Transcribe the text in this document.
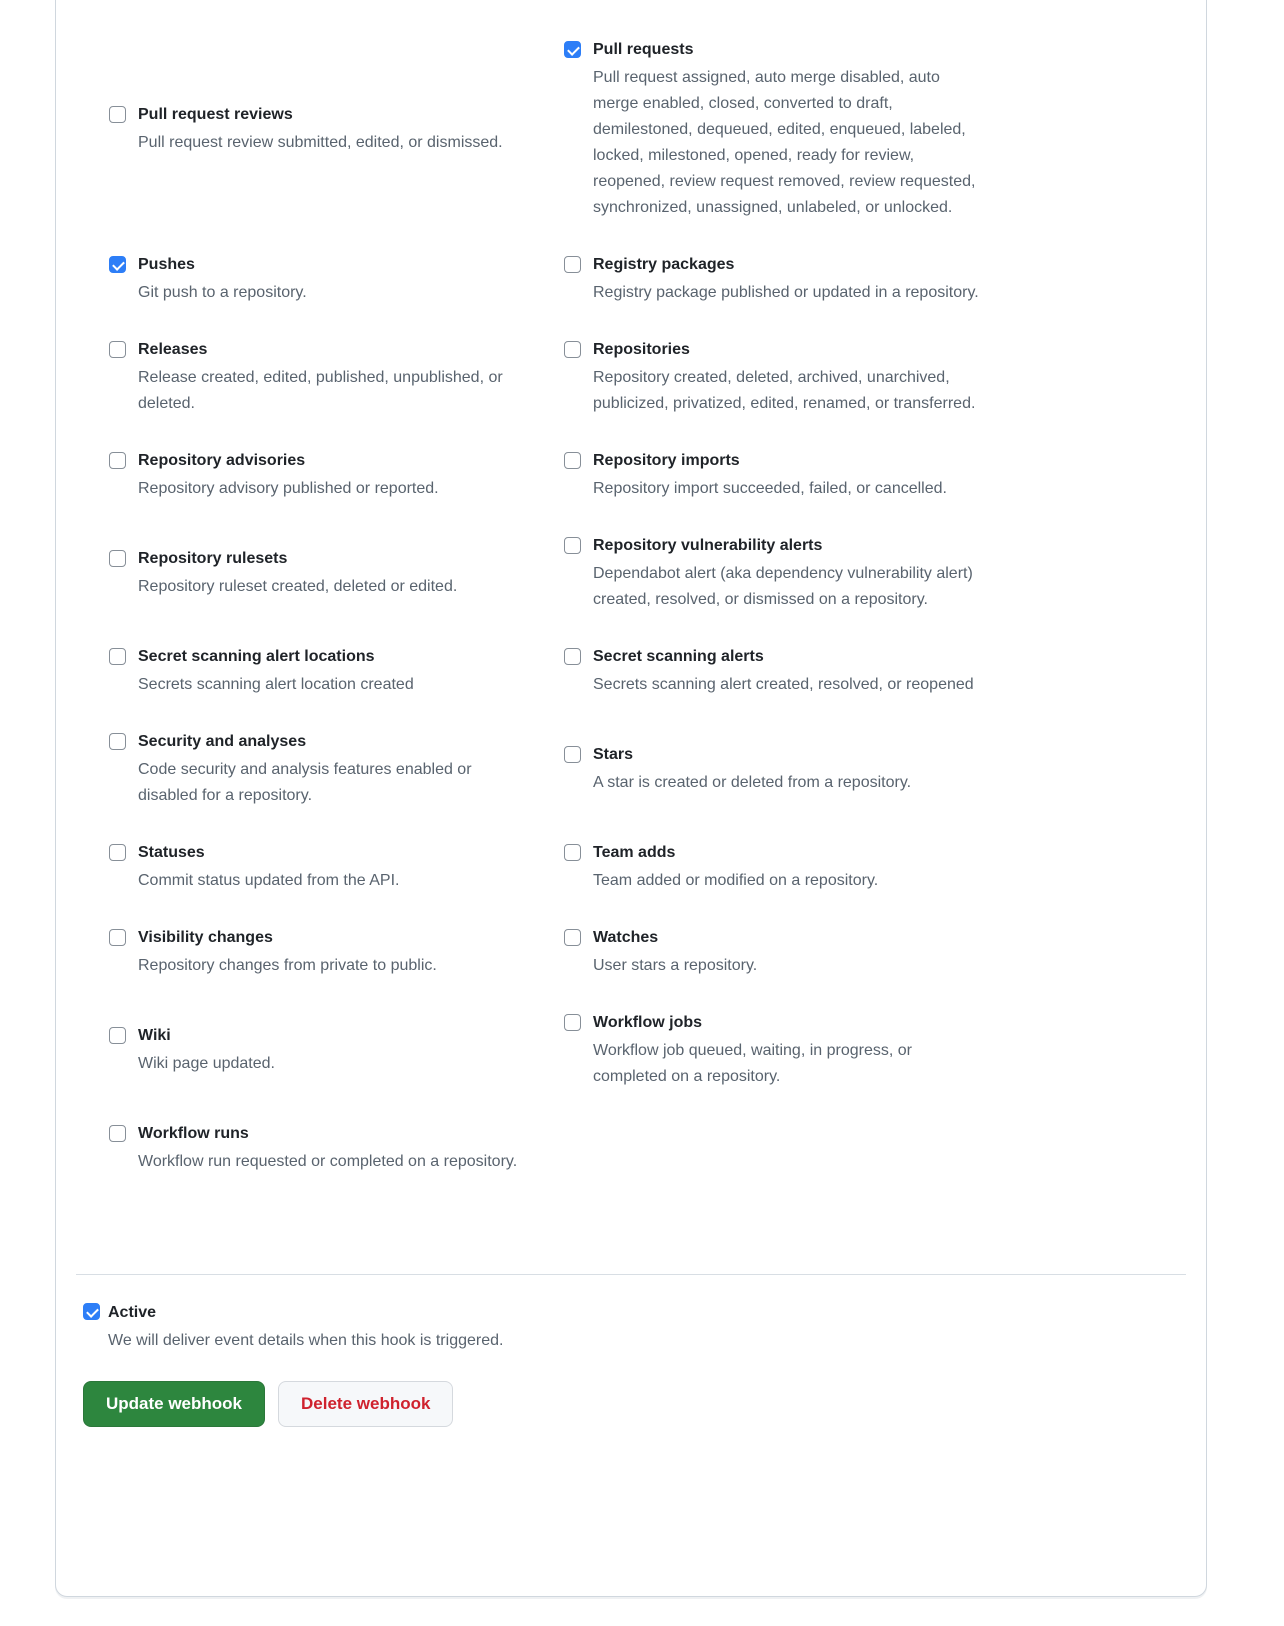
Pull request reviews
Pull request review submitted, edited, or dismissed.
Pull requests
Pull request assigned, auto merge disabled, auto merge enabled, closed, converted to draft, demilestoned, dequeued, edited, enqueued, labeled, locked, milestoned, opened, ready for review, reopened, review request removed, review requested, synchronized, unassigned, unlabeled, or unlocked.
Pushes
Git push to a repository.
Registry packages
Registry package published or updated in a repository.
Releases
Release created, edited, published, unpublished, or deleted.
Repositories
Repository created, deleted, archived, unarchived, publicized, privatized, edited, renamed, or transferred.
Repository advisories
Repository advisory published or reported.
Repository imports
Repository import succeeded, failed, or cancelled.
Repository rulesets
Repository ruleset created, deleted or edited.
Repository vulnerability alerts
Dependabot alert (aka dependency vulnerability alert) created, resolved, or dismissed on a repository.
Secret scanning alert locations
Secrets scanning alert location created
Secret scanning alerts
Secrets scanning alert created, resolved, or reopened
Security and analyses
Code security and analysis features enabled or disabled for a repository.
Stars
A star is created or deleted from a repository.
Statuses
Commit status updated from the API.
Team adds
Team added or modified on a repository.
Visibility changes
Repository changes from private to public.
Watches
User stars a repository.
Wiki
Wiki page updated.
Workflow jobs
Workflow job queued, waiting, in progress, or completed on a repository.
Workflow runs
Workflow run requested or completed on a repository.
Active
We will deliver event details when this hook is triggered.
Update webhook	Delete webhook
